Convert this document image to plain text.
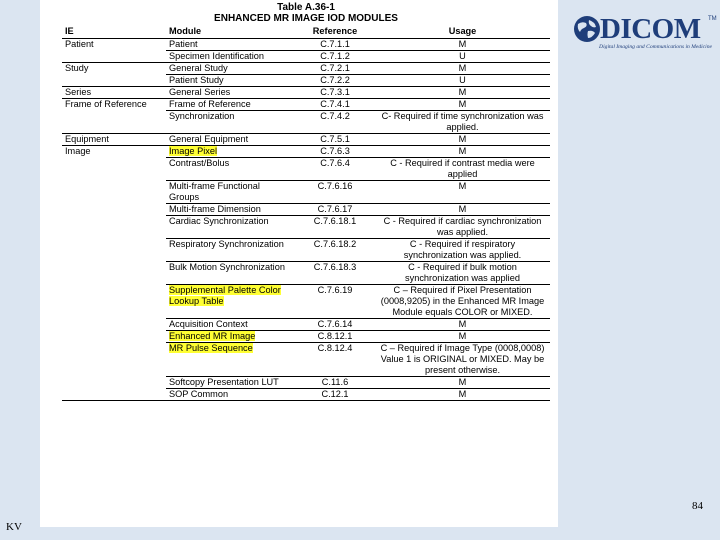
Table A.36-1
ENHANCED MR IMAGE IOD MODULES
IE	Module	Reference	Usage
Patient	Patient	C.7.1.1	M
	Specimen Identification	C.7.1.2	U
Study	General Study	C.7.2.1	M
	Patient Study	C.7.2.2	U
Series	General Series	C.7.3.1	M
Frame of Reference	Frame of Reference	C.7.4.1	M
	Synchronization	C.7.4.2	C- Required if time synchronization was applied.
Equipment	General Equipment	C.7.5.1	M
Image	Image Pixel	C.7.6.3	M
	Contrast/Bolus	C.7.6.4	C - Required if contrast media were applied
	Multi-frame Functional Groups	C.7.6.16	M
	Multi-frame Dimension	C.7.6.17	M
	Cardiac Synchronization	C.7.6.18.1	C - Required if cardiac synchronization was applied.
	Respiratory Synchronization	C.7.6.18.2	C - Required if respiratory synchronization was applied.
	Bulk Motion Synchronization	C.7.6.18.3	C - Required if bulk motion synchronization was applied
	Supplemental Palette Color Lookup Table	C.7.6.19	C – Required if Pixel Presentation (0008,9205) in the Enhanced MR Image Module equals COLOR or MIXED.
	Acquisition Context	C.7.6.14	M
	Enhanced MR Image	C.8.12.1	M
	MR Pulse Sequence	C.8.12.4	C – Required if Image Type (0008,0008) Value 1 is ORIGINAL or MIXED. May be present otherwise.
	Softcopy Presentation LUT	C.11.6	M
	SOP Common	C.12.1	M
DICOM TM
Digital Imaging and Communications in Medicine
84
KV
